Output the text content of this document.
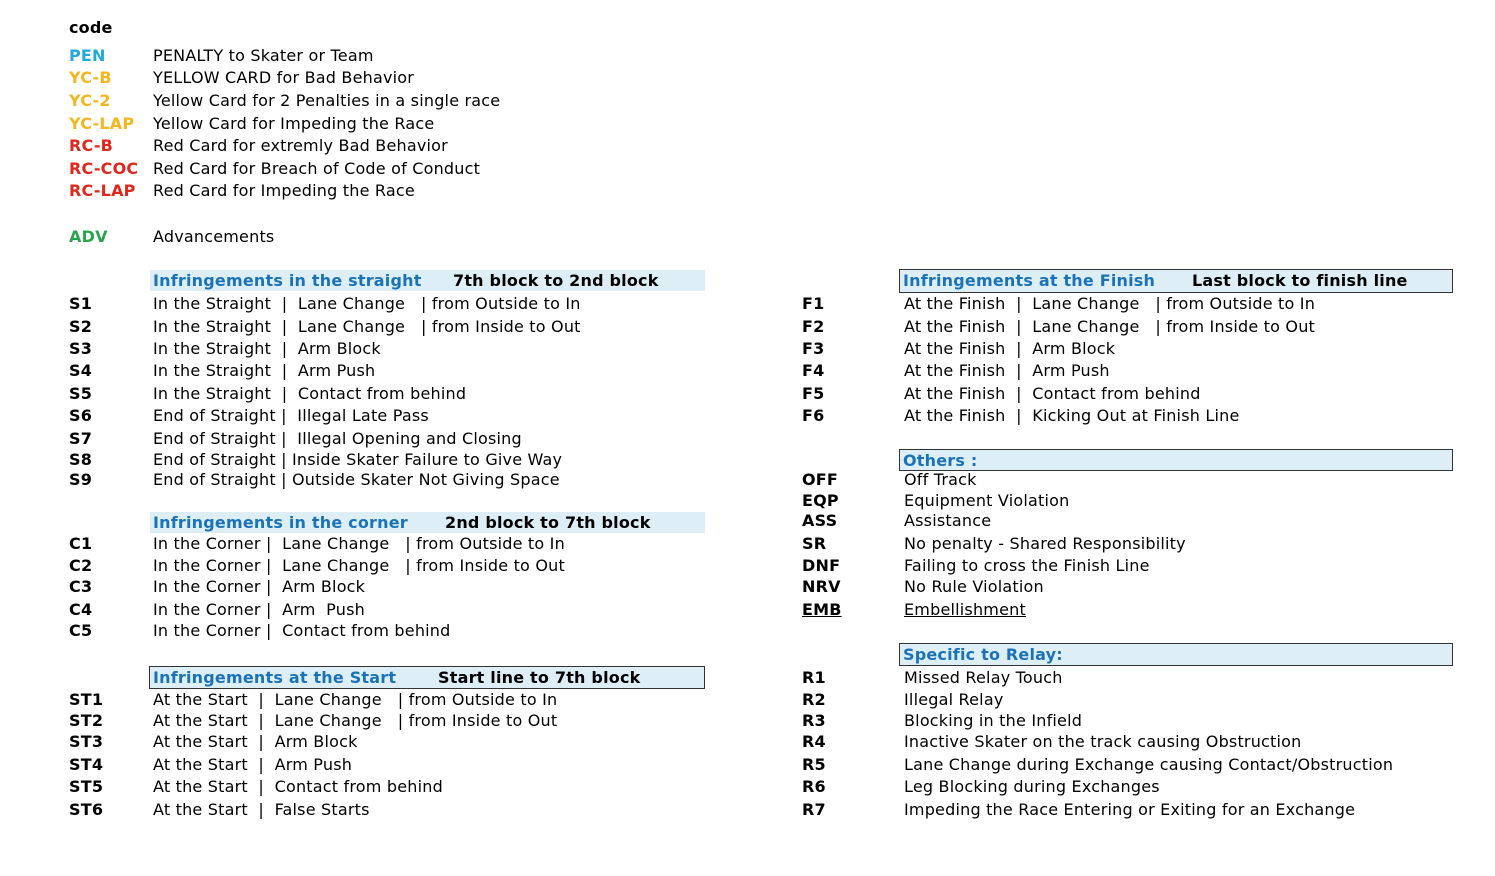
code
PEN	PENALTY to Skater or Team
YC-B	YELLOW CARD for Bad Behavior
YC-2	Yellow Card for 2 Penalties in a single race
YC-LAP Yellow Card for Impeding the Race
RC-B Red Card for extremly Bad Behavior
RC-COC Red Card for Breach of Code of Conduct
RC-LAP Red Card for Impeding the Race
ADV	Advancements
Infringements in the straight 7th block to 2nd block
S1	In the Straight  |  Lane Change   | from Outside to In
S2	In the Straight  |  Lane Change   | from Inside to Out
S3	In the Straight  |  Arm Block
S4	In the Straight  |  Arm Push
S5	In the Straight  |  Contact from behind
S6	End of Straight |  Illegal Late Pass
S7	End of Straight |  Illegal Opening and Closing
S8	End of Straight | Inside Skater Failure to Give Way
S9	End of Straight | Outside Skater Not Giving Space
Infringements in the corner 2nd block to 7th block
C1	In the Corner |  Lane Change   | from Outside to In
C2	In the Corner |  Lane Change   | from Inside to Out
C3	In the Corner |  Arm Block
C4	In the Corner |  Arm  Push
C5	In the Corner |  Contact from behind
Infringements at the Start	Start line to 7th block
ST1	At the Start  |  Lane Change   | from Outside to In
ST2	At the Start  |  Lane Change   | from Inside to Out
ST3	At the Start  |  Arm Block
ST4	At the Start  |  Arm Push
ST5	At the Start  |  Contact from behind
ST6	At the Start  |  False Starts
Infringements at the Finish Last block to finish line
F1	At the Finish  |  Lane Change   | from Outside to In
F2	At the Finish  |  Lane Change   | from Inside to Out
F3	At the Finish  |  Arm Block
F4	At the Finish  |  Arm Push
F5	At the Finish  |  Contact from behind
F6	At the Finish  |  Kicking Out at Finish Line
Others :
OFF	Off Track
EQP	Equipment Violation
ASS	Assistance
SR	No penalty - Shared Responsibility
DNF	Failing to cross the Finish Line
NRV	No Rule Violation
EMB	Embellishment
Specific to Relay:
R1	Missed Relay Touch
R2	Illegal Relay
R3	Blocking in the Infield
R4	Inactive Skater on the track causing Obstruction
R5	Lane Change during Exchange causing Contact/Obstruction
R6	Leg Blocking during Exchanges
R7	Impeding the Race Entering or Exiting for an Exchange
